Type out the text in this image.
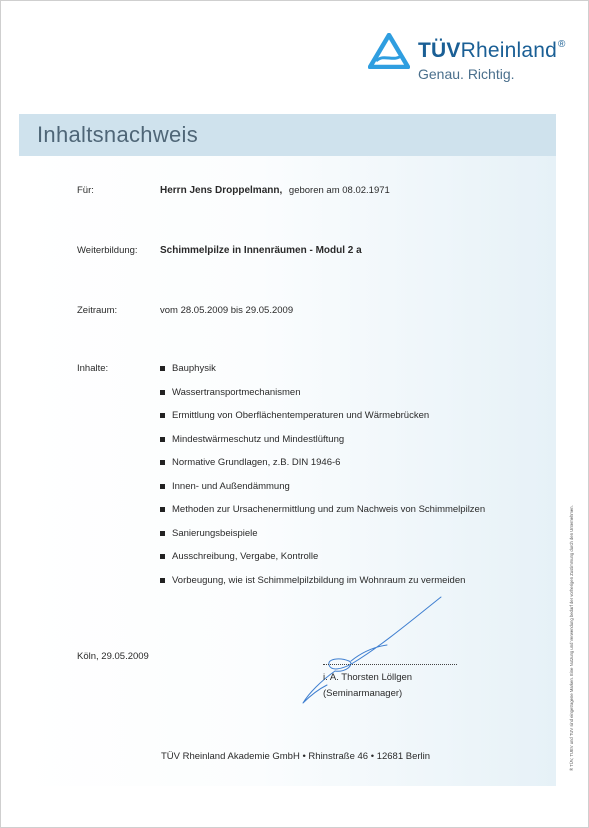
TÜVRheinland®
Genau. Richtig.
Inhaltsnachweis
Für:	Herrn Jens Droppelmann, geboren am 08.02.1971
Weiterbildung: Schimmelpilze in Innenräumen - Modul 2 a
Zeitraum:	vom 28.05.2009 bis 29.05.2009
Inhalte:	Bauphysik
Wassertransportmechanismen
Ermittlung von Oberflächentemperaturen und Wärmebrücken
Mindestwärmeschutz und Mindestlüftung
Normative Grundlagen, z.B. DIN 1946-6
Innen- und Außendämmung
Methoden zur Ursachenermittlung und zum Nachweis von Schimmelpilzen
Sanierungsbeispiele
Ausschreibung, Vergabe, Kontrolle
Vorbeugung, wie ist Schimmelpilzbildung im Wohnraum zu vermeiden
Köln, 29.05.2009
i. A. Thorsten Löllgen
(Seminarmanager)
TÜV Rheinland Akademie GmbH • Rhinstraße 46 • 12681 Berlin	® TÜV, TUEV und TUV sind eingetragene Marken. Eine Nutzung und Verwendung bedarf der vorherigen Zustimmung durch den Unternehmen.
